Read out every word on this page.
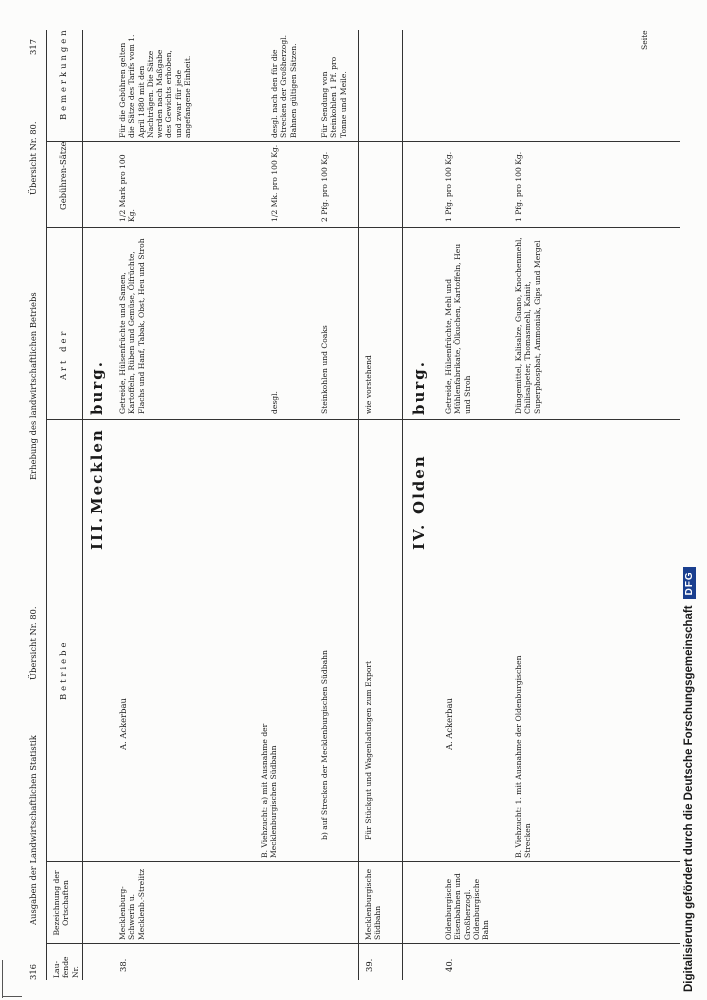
316
Ausgaben der Landwirtschaftlichen Statistik
Übersicht Nr. 80.
Erhebung des landwirtschaftlichen Betriebs
Übersicht Nr. 80.
317
Lau-fende Nr.
Bezeichnung der Ortschaften
Betriebe
Art der
Gebühren-Sätze
Bemerkungen
III.
Mecklen
burg.
38.
Mecklenburg-Schwerin u. Mecklenb.-Strelitz
A. Ackerbau
Getreide, Hülsenfrüchte und Samen, Kartoffeln, Rüben und Gemüse, Ölfrüchte, Flachs und Hanf, Tabak, Obst, Heu und Stroh
1/2 Mark pro 100 Kg.
Für die Gebühren gelten die Sätze des Tarifs vom 1. April 1880 mit den Nachträgen. Die Sätze werden nach Maßgabe des Gewichts erhoben, und zwar für jede angefangene Einheit.
B. Viehzucht: a) mit Ausnahme der Mecklenburgischen Südbahn
desgl.
1/2 Mk. pro 100 Kg.
desgl. nach den für die Strecken der Großherzogl. Bahnen gültigen Sätzen.
b) auf Strecken der Mecklenburgischen Südbahn
Steinkohlen und Coaks
2 Pfg. pro 100 Kg.
Für Sendung von Steinkohlen 1 Pf. pro Tonne und Meile.
39.
Mecklenburgische Südbahn
Für Stückgut und Wagenladungen zum Export
wie vorstehend
IV.
Olden
burg.
40.
Oldenburgische Eisenbahnen und Großherzogl. Oldenburgische Bahn
A. Ackerbau
Getreide, Hülsenfrüchte, Mehl und Mühlenfabrikate, Ölkuchen, Kartoffeln, Heu und Stroh
1 Pfg. pro 100 Kg.
B. Viehzucht: 1. mit Ausnahme der Oldenburgischen Strecken
Düngemittel, Kalisalze, Guano, Knochenmehl, Chilisalpeter, Thomasmehl, Kainit, Superphosphat, Ammoniak, Gips und Mergel
1 Pfg. pro 100 Kg.
Seite
Digitalisierung gefördert durch die Deutsche Forschungsgemeinschaft
DFG
